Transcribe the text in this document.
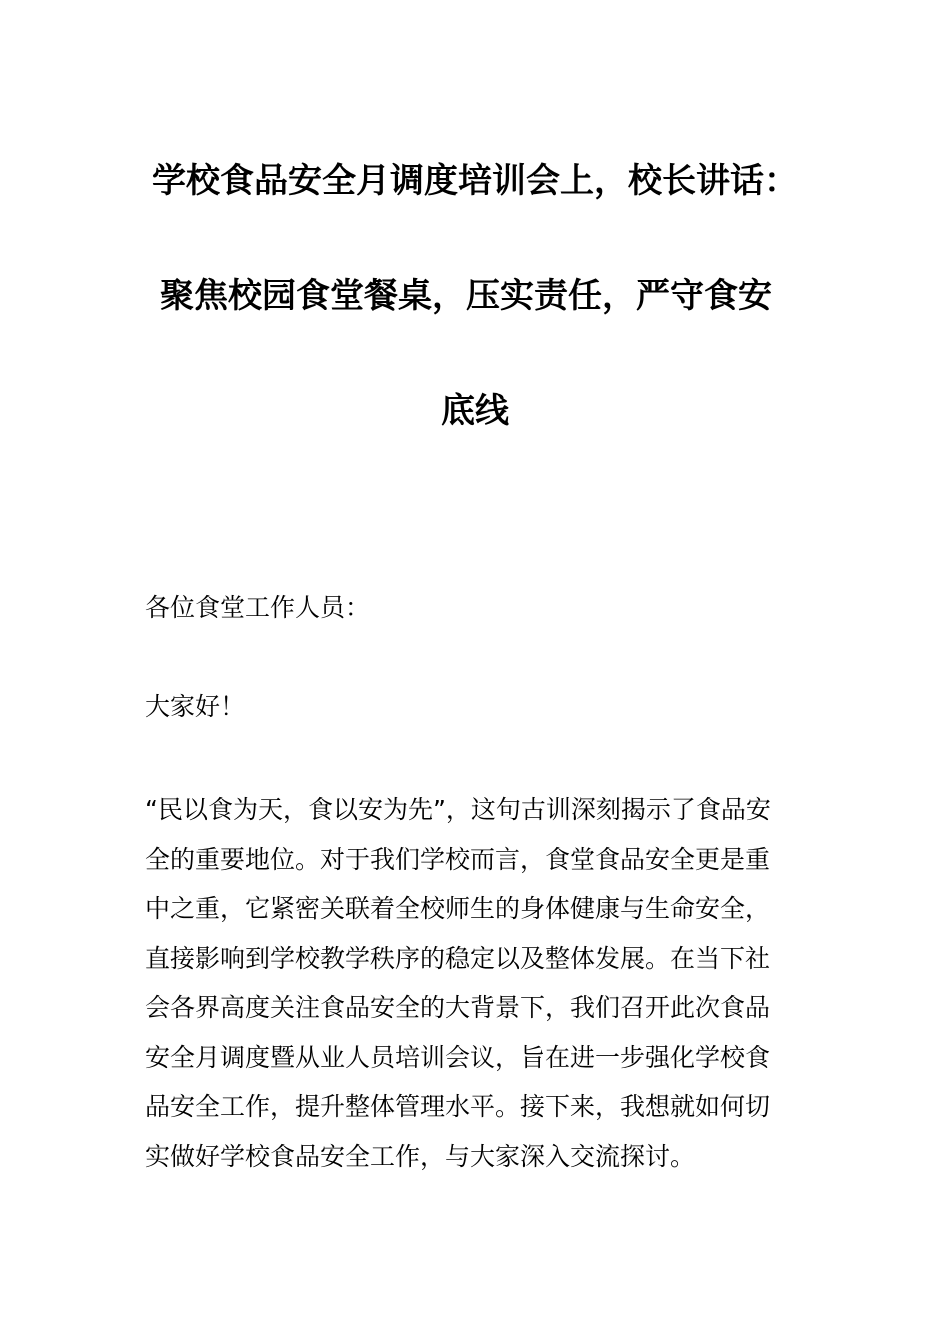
学校食品安全月调度培训会上，校长讲话：
聚焦校园食堂餐桌，压实责任，严守食安
底线

各位食堂工作人员：

大家好！

“民以食为天，食以安为先”，这句古训深刻揭示了食品安

全的重要地位。对于我们学校而言，食堂食品安全更是重

中之重，它紧密关联着全校师生的身体健康与生命安全，

直接影响到学校教学秩序的稳定以及整体发展。在当下社

会各界高度关注食品安全的大背景下，我们召开此次食品

安全月调度暨从业人员培训会议，旨在进一步强化学校食

品安全工作，提升整体管理水平。接下来，我想就如何切

实做好学校食品安全工作，与大家深入交流探讨。
